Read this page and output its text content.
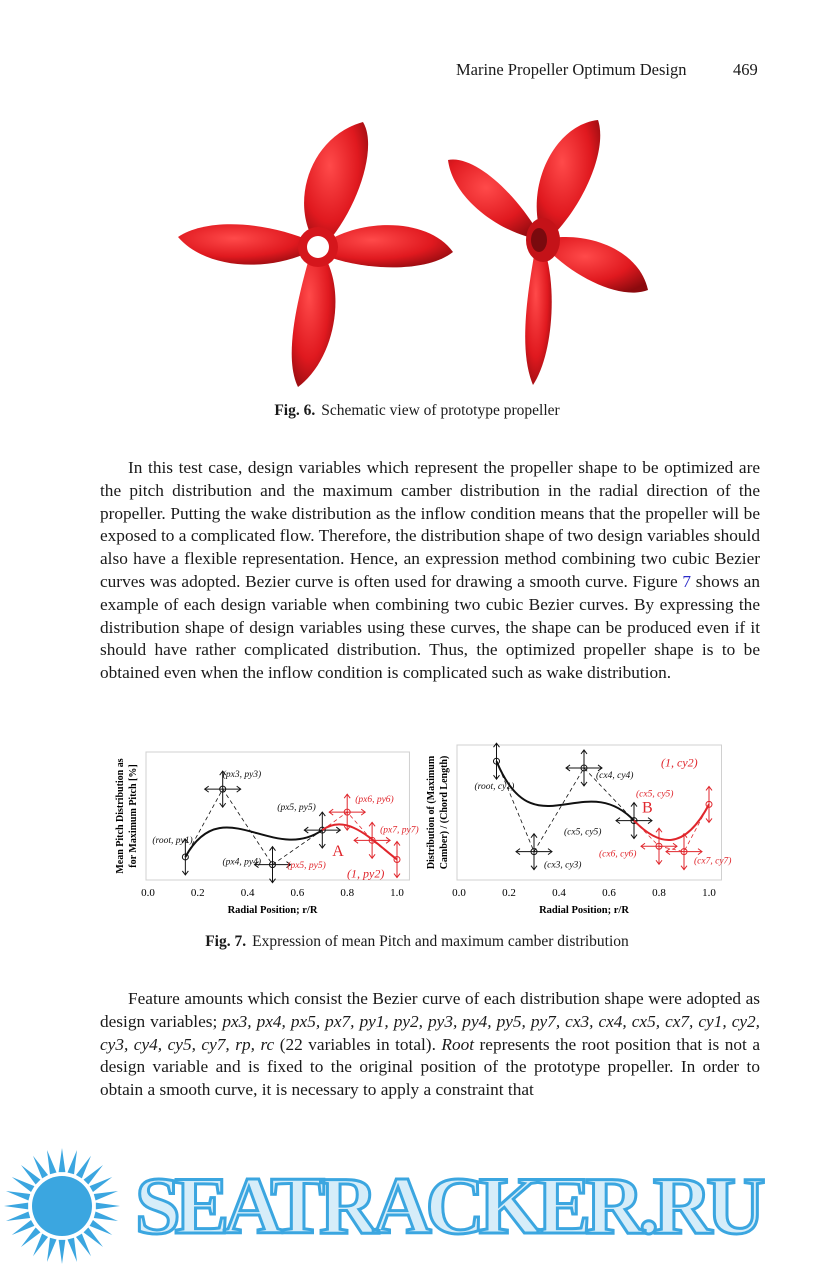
Marine Propeller Optimum Design	469
Fig. 6. Schematic view of prototype propeller

In this test case, design variables which represent the propeller shape to be optimized are the pitch distribution and the maximum camber distribution in the radial direction of the propeller. Putting the wake distribution as the inflow condition means that the propeller will be exposed to a complicated flow. Therefore, the distribution shape of two design variables should also have a flexible representation. Hence, an expression method combining two cubic Bezier curves was adopted. Bezier curve is often used for drawing a smooth curve. Figure 7 shows an example of each design variable when combining two cubic Bezier curves. By expressing the distribution shape of design variables using these curves, the shape can be produced even if it should have rather complicated distribution. Thus, the optimized propeller shape is to be obtained even when the inflow condition is complicated such as wake distribution.

0.0	0.2	0.4	0.6	0.8	1.0
Radial Position; r/R
Mean Pitch Distribution as for Maximum Pitch [%] (root, py1)
(px3, py3)
(px4, py4)
(px5, py5)
(px6, py6)
(px7, py7)
(1, py2)
(px5, py5)
A
0.0	0.2	0.4	0.6	0.8	1.0
Radial Position; r/R
Distribution of (Maximum Camber) / (Chord Length)	(root, cy1)
(cx3, cy3)
(cx4, cy4)
(cx5, cy5)
(cx6, cy6)
(cx7, cy7)
(1, cy2)
(cx5, cy5)
B
Fig. 7. Expression of mean Pitch and maximum camber distribution

Feature amounts which consist the Bezier curve of each distribution shape were adopted as design variables; px3, px4, px5, px7, py1, py2, py3, py4, py5, py7, cx3, cx4, cx5, cx7, cy1, cy2, cy3, cy4, cy5, cy7, rp, rc (22 variables in total). Root represents the root position that is not a design variable and is fixed to the original position of the prototype propeller. In order to obtain a smooth curve, it is necessary to apply a constraint that

SEATRACKER.RU
